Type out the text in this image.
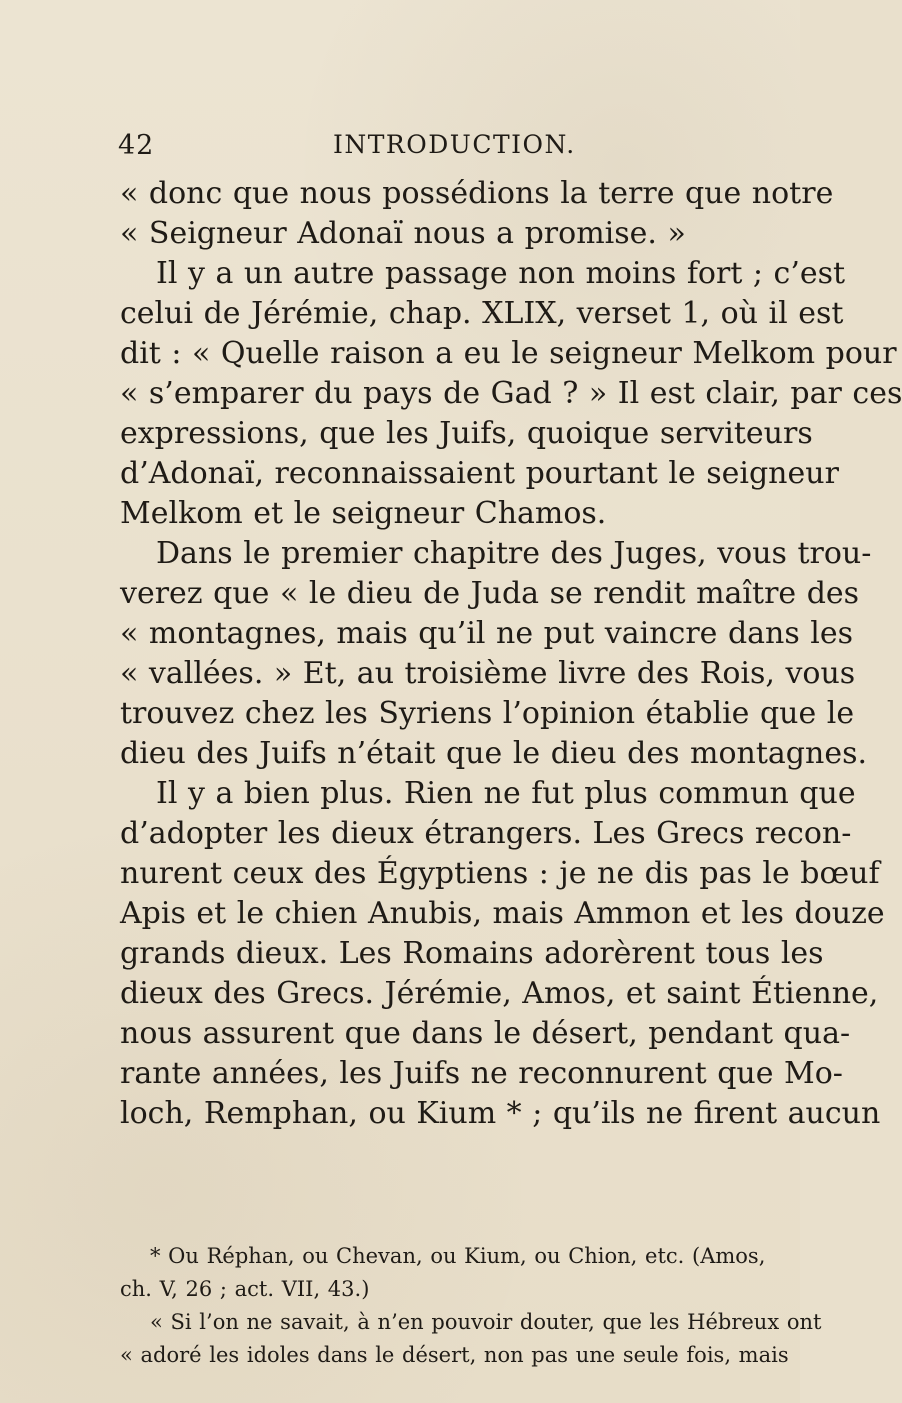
42	INTRODUCTION.
« donc que nous possédions la terre que notre
« Seigneur Adonaï nous a promise. »
Il y a un autre passage non moins fort ; c’est
celui de Jérémie, chap. XLIX, verset 1, où il est
dit : « Quelle raison a eu le seigneur Melkom pour
« s’emparer du pays de Gad ? » Il est clair, par ces
expressions, que les Juifs, quoique serviteurs
d’Adonaï, reconnaissaient pourtant le seigneur
Melkom et le seigneur Chamos.
Dans le premier chapitre des Juges, vous trou-
verez que « le dieu de Juda se rendit maître des
« montagnes, mais qu’il ne put vaincre dans les
« vallées. » Et, au troisième livre des Rois, vous
trouvez chez les Syriens l’opinion établie que le
dieu des Juifs n’était que le dieu des montagnes.
Il y a bien plus. Rien ne fut plus commun que
d’adopter les dieux étrangers. Les Grecs recon-
nurent ceux des Égyptiens : je ne dis pas le bœuf
Apis et le chien Anubis, mais Ammon et les douze
grands dieux. Les Romains adorèrent tous les
dieux des Grecs. Jérémie, Amos, et saint Étienne,
nous assurent que dans le désert, pendant qua-
rante années, les Juifs ne reconnurent que Mo-
loch, Remphan, ou Kium * ; qu’ils ne firent aucun
* Ou Réphan, ou Chevan, ou Kium, ou Chion, etc. (Amos,
ch. V, 26 ; act. VII, 43.)
« Si l’on ne savait, à n’en pouvoir douter, que les Hébreux ont
« adoré les idoles dans le désert, non pas une seule fois, mais
